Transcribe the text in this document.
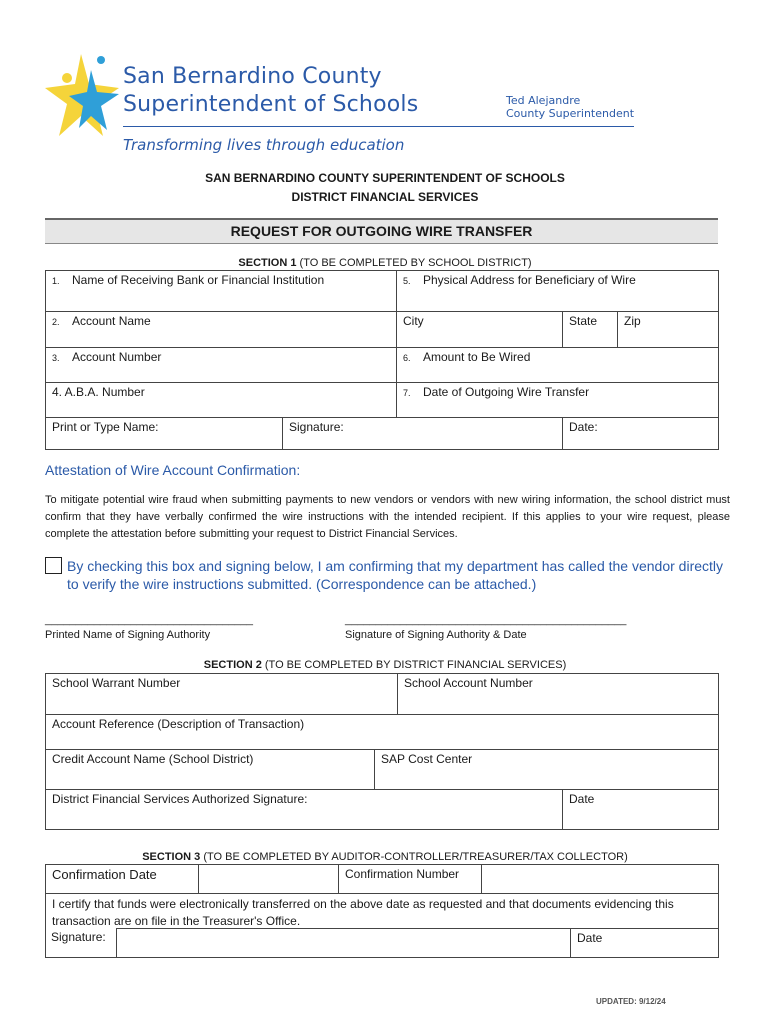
San Bernardino County
Superintendent of Schools
Transforming lives through education
Ted Alejandre
County Superintendent
SAN BERNARDINO COUNTY SUPERINTENDENT OF SCHOOLS
DISTRICT FINANCIAL SERVICES
REQUEST FOR OUTGOING WIRE TRANSFER
SECTION 1 (TO BE COMPLETED BY SCHOOL DISTRICT)
1. Name of Receiving Bank or Financial Institution	5. Physical Address for Beneficiary of Wire
2. Account Name	City	State	Zip
3. Account Number	6. Amount to Be Wired
4. A.B.A. Number	7. Date of Outgoing Wire Transfer
Print or Type Name:	Signature:	Date:
Attestation of Wire Account Confirmation:
To mitigate potential wire fraud when submitting payments to new vendors or vendors with new wiring information, the school district must confirm that they have verbally confirmed the wire instructions with the intended recipient. If this applies to your wire request, please complete the attestation before submitting your request to District Financial Services.
By checking this box and signing below, I am confirming that my department has called the vendor directly to verify the wire instructions submitted. (Correspondence can be attached.)
__________________________________	______________________________________________
Printed Name of Signing Authority	Signature of Signing Authority & Date
SECTION 2 (TO BE COMPLETED BY DISTRICT FINANCIAL SERVICES)
School Warrant Number	School Account Number
Account Reference (Description of Transaction)
Credit Account Name (School District)	SAP Cost Center
District Financial Services Authorized Signature:	Date
SECTION 3 (TO BE COMPLETED BY AUDITOR-CONTROLLER/TREASURER/TAX COLLECTOR)
Confirmation Date	Confirmation Number
I certify that funds were electronically transferred on the above date as requested and that documents evidencing this transaction are on file in the Treasurer's Office.
Signature:	Date
UPDATED: 9/12/24
